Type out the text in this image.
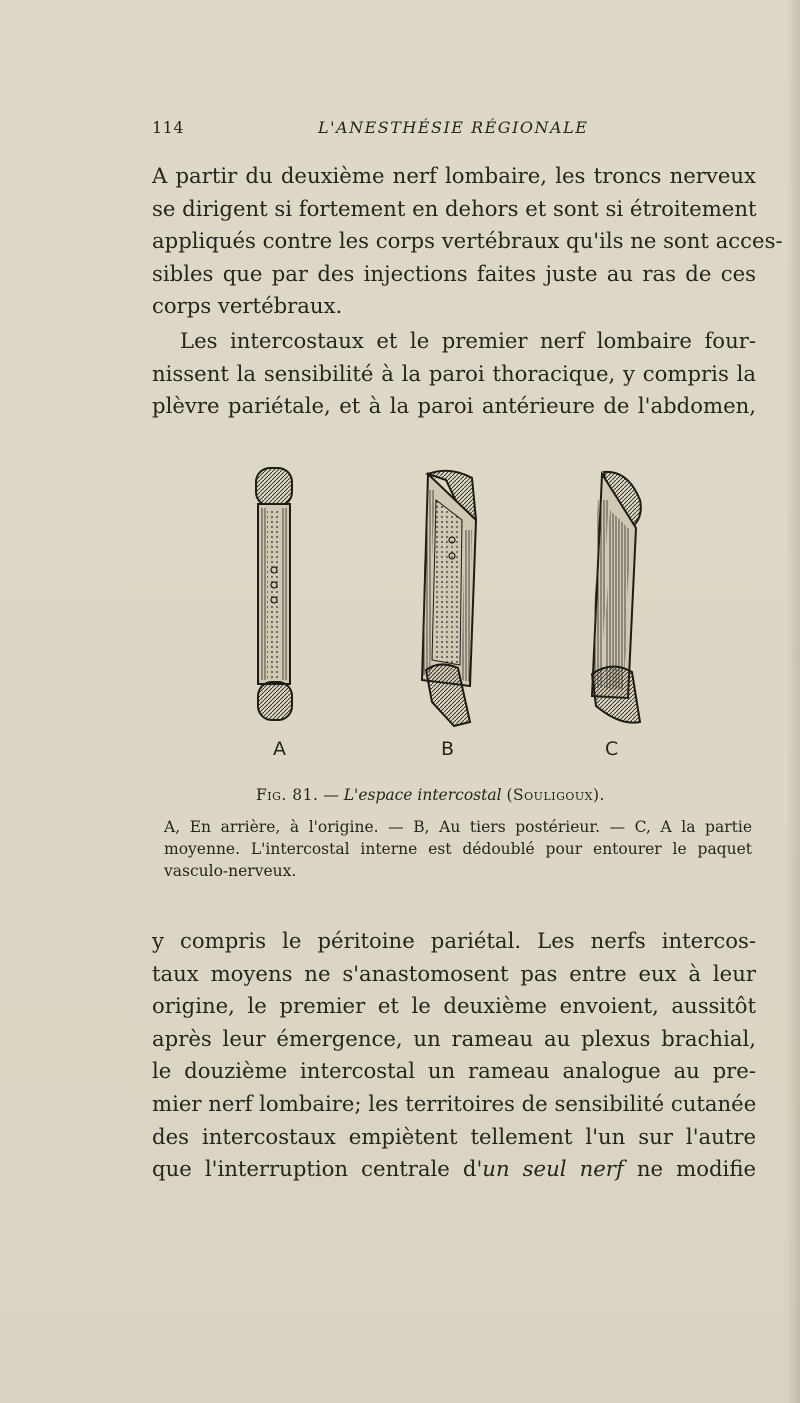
114	L'ANESTHÉSIE RÉGIONALE
A partir du deuxième nerf lombaire, les troncs nerveux
se dirigent si fortement en dehors et sont si étroitement
appliqués contre les corps vertébraux qu'ils ne sont acces-
sibles que par des injections faites juste au ras de ces
corps vertébraux.
Les intercostaux et le premier nerf lombaire four-
nissent la sensibilité à la paroi thoracique, y compris la
plèvre pariétale, et à la paroi antérieure de l'abdomen,
A	B	C
Fig. 81. — L'espace intercostal (Souligoux).
A, En arrière, à l'origine. — B, Au tiers postérieur. — C, A la partie
moyenne. L'intercostal interne est dédoublé pour entourer le paquet
vasculo-nerveux.
y compris le péritoine pariétal. Les nerfs intercos-
taux moyens ne s'anastomosent pas entre eux à leur
origine, le premier et le deuxième envoient, aussitôt
après leur émergence, un rameau au plexus brachial,
le douzième intercostal un rameau analogue au pre-
mier nerf lombaire; les territoires de sensibilité cutanée
des intercostaux empiètent tellement l'un sur l'autre
que l'interruption centrale d'un seul nerf ne modifie
